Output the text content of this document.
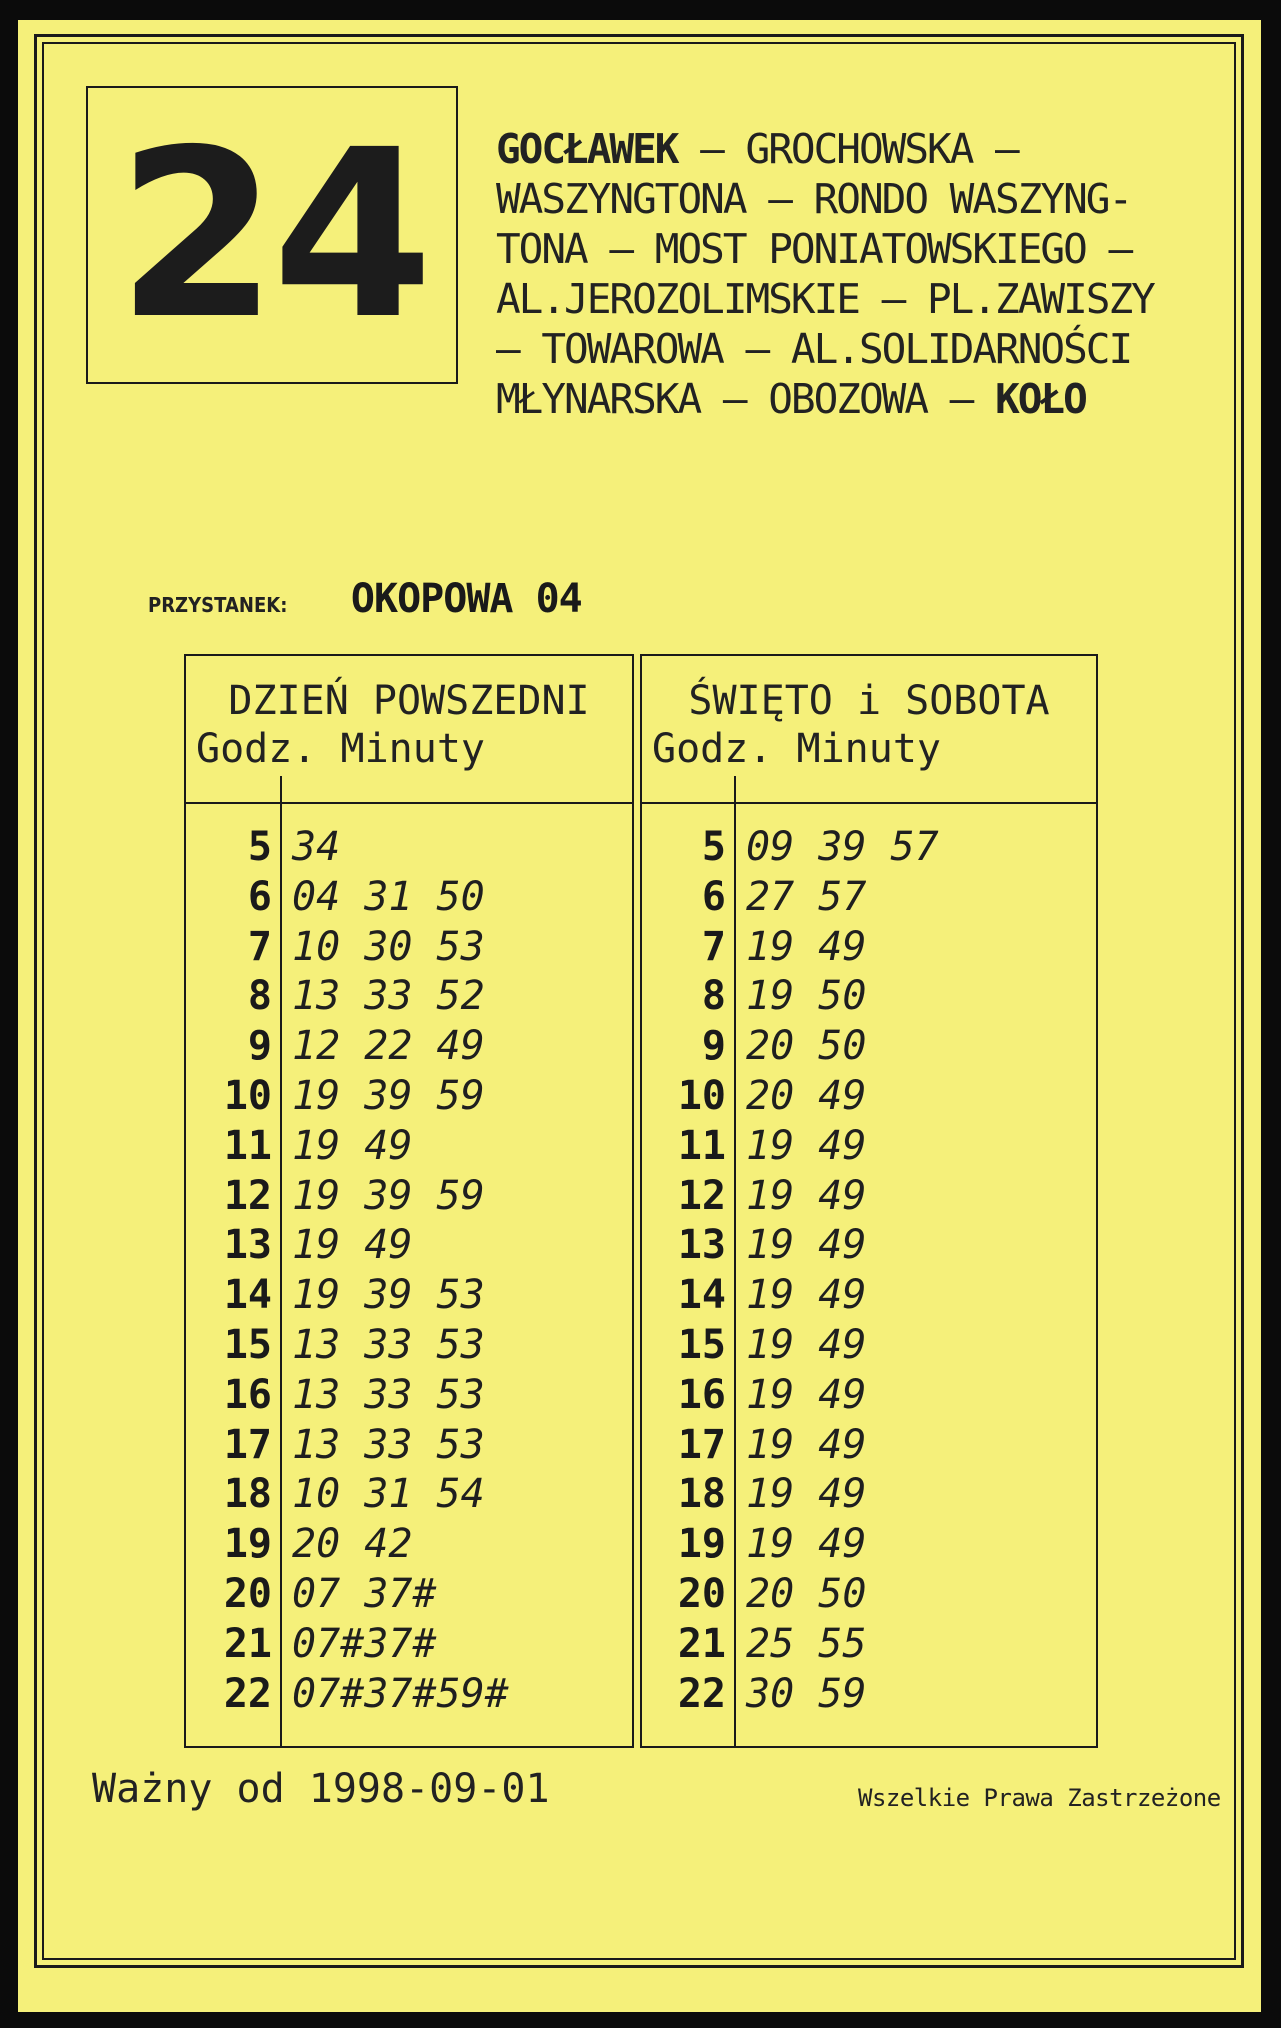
24 GOCŁAWEK – GROCHOWSKA –
WASZYNGTONA – RONDO WASZYNG-
TONA – MOST PONIATOWSKIEGO –
AL.JEROZOLIMSKIE – PL.ZAWISZY
– TOWAROWA – AL.SOLIDARNOŚCI
MŁYNARSKA – OBOZOWA – KOŁO
PRZYSTANEK: OKOPOWA 04
DZIEŃ POWSZEDNI
Godz. Minuty
5 34
6 04 31 50
7 10 30 53
8 13 33 52
9 12 22 49
10 19 39 59
11 19 49
12 19 39 59
13 19 49
14 19 39 53
15 13 33 53
16 13 33 53
17 13 33 53
18 10 31 54
19 20 42
20 07 37#
21 07#37#
22 07#37#59#
ŚWIĘTO i SOBOTA
Godz. Minuty
5 09 39 57
6 27 57
7 19 49
8 19 50
9 20 50
10 20 49
11 19 49
12 19 49
13 19 49
14 19 49
15 19 49
16 19 49
17 19 49
18 19 49
19 19 49
20 20 50
21 25 55
22 30 59
Ważny od 1998-09-01	Wszelkie Prawa Zastrzeżone
